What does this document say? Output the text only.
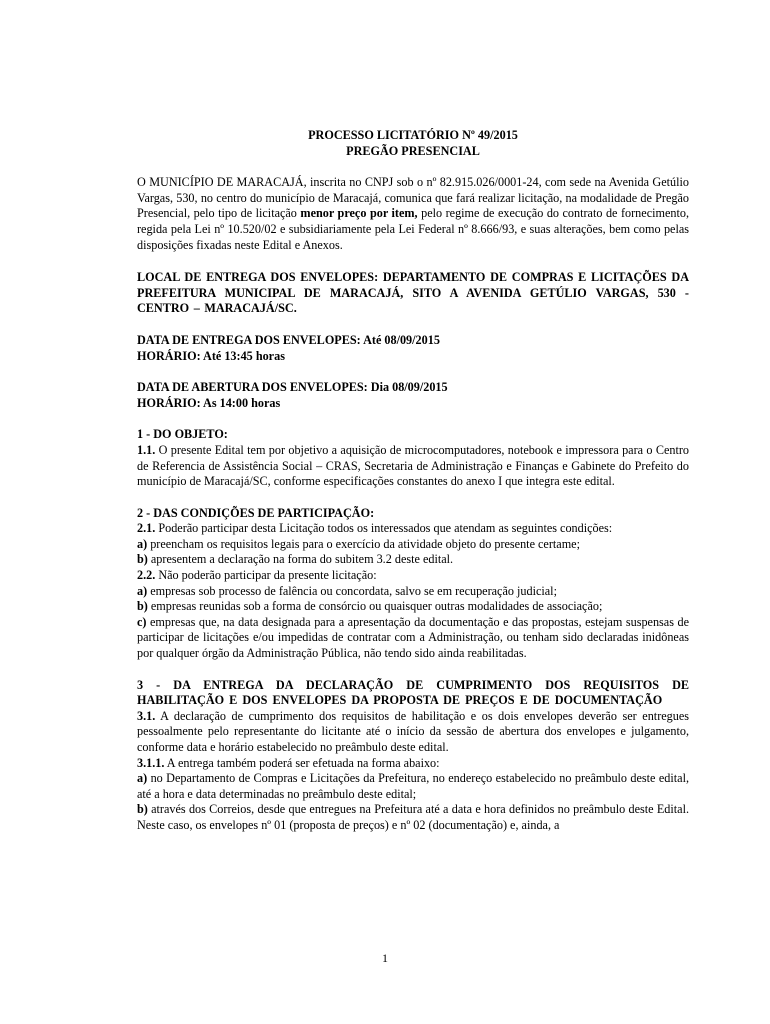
PROCESSO LICITATÓRIO Nº 49/2015

PREGÃO PRESENCIAL

O MUNICÍPIO DE MARACAJÁ, inscrita no CNPJ sob o nº 82.915.026/0001-24, com sede na Avenida Getúlio Vargas, 530, no centro do município de Maracajá, comunica que fará realizar licitação, na modalidade de Pregão Presencial, pelo tipo de licitação menor preço por item, pelo regime de execução do contrato de fornecimento, regida pela Lei nº 10.520/02 e subsidiariamente pela Lei Federal nº 8.666/93, e suas alterações, bem como pelas disposições fixadas neste Edital e Anexos.

LOCAL DE ENTREGA DOS ENVELOPES: DEPARTAMENTO DE COMPRAS E LICITAÇÕES DA PREFEITURA MUNICIPAL DE MARACAJÁ, SITO A AVENIDA GETÚLIO VARGAS, 530 - CENTRO – MARACAJÁ/SC.

DATA DE ENTREGA DOS ENVELOPES: Até 08/09/2015

HORÁRIO: Até 13:45 horas

DATA DE ABERTURA DOS ENVELOPES: Dia 08/09/2015

HORÁRIO: As 14:00 horas

1 - DO OBJETO:

1.1. O presente Edital tem por objetivo a aquisição de microcomputadores, notebook e impressora para o Centro de Referencia de Assistência Social – CRAS, Secretaria de Administração e Finanças e Gabinete do Prefeito do município de Maracajá/SC, conforme especificações constantes do anexo I que integra este edital.

2 - DAS CONDIÇÕES DE PARTICIPAÇÃO:

2.1. Poderão participar desta Licitação todos os interessados que atendam as seguintes condições:

a) preencham os requisitos legais para o exercício da atividade objeto do presente certame;

b) apresentem a declaração na forma do subitem 3.2 deste edital.

2.2. Não poderão participar da presente licitação:

a) empresas sob processo de falência ou concordata, salvo se em recuperação judicial;

b) empresas reunidas sob a forma de consórcio ou quaisquer outras modalidades de associação;

c) empresas que, na data designada para a apresentação da documentação e das propostas, estejam suspensas de participar de licitações e/ou impedidas de contratar com a Administração, ou tenham sido declaradas inidôneas por qualquer órgão da Administração Pública, não tendo sido ainda reabilitadas.

3 - DA ENTREGA DA DECLARAÇÃO DE CUMPRIMENTO DOS REQUISITOS DE HABILITAÇÃO E DOS ENVELOPES DA PROPOSTA DE PREÇOS E DE DOCUMENTAÇÃO

3.1. A declaração de cumprimento dos requisitos de habilitação e os dois envelopes deverão ser entregues pessoalmente pelo representante do licitante até o início da sessão de abertura dos envelopes e julgamento, conforme data e horário estabelecido no preâmbulo deste edital.

3.1.1. A entrega também poderá ser efetuada na forma abaixo:

a) no Departamento de Compras e Licitações da Prefeitura, no endereço estabelecido no preâmbulo deste edital, até a hora e data determinadas no preâmbulo deste edital;

b) através dos Correios, desde que entregues na Prefeitura até a data e hora definidos no preâmbulo deste Edital. Neste caso, os envelopes nº 01 (proposta de preços) e nº 02 (documentação) e, ainda, a

1
